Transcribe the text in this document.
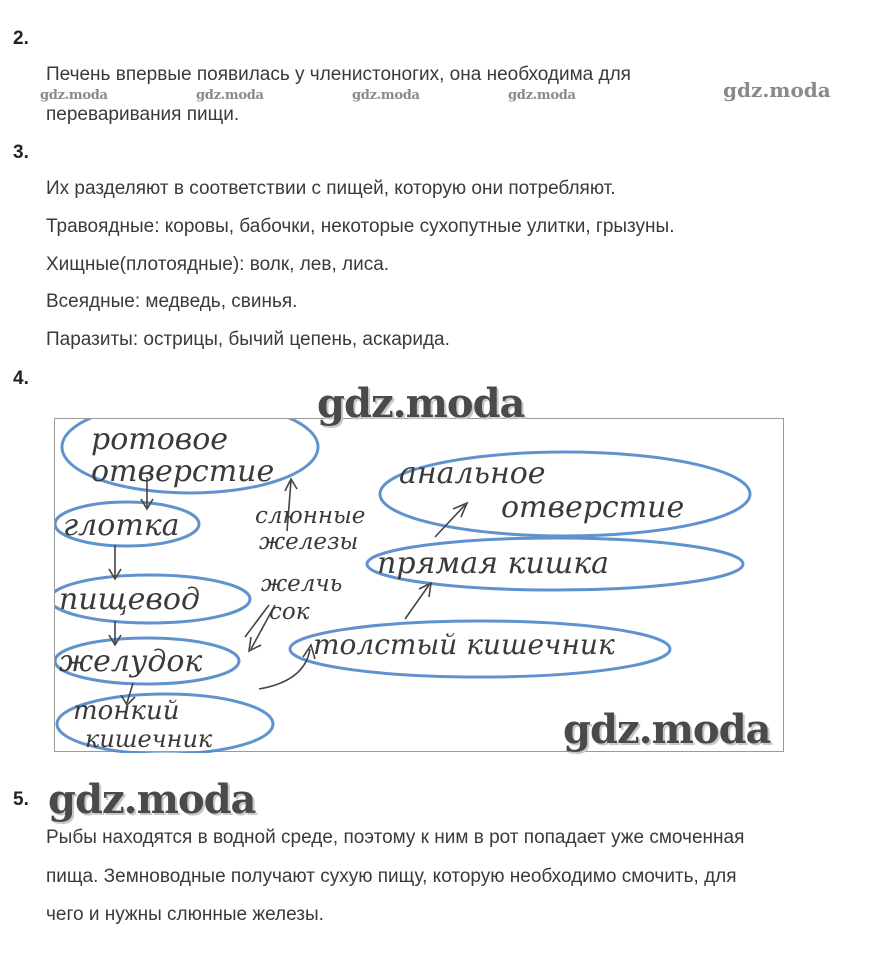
2.
Печень впервые появилась у членистоногих, она необходима для
переваривания пищи.
gdz.moda	gdz.moda	gdz.moda	gdz.moda	gdz.moda
3.
Их разделяют в соответствии с пищей, которую они потребляют.
Травоядные: коровы, бабочки, некоторые сухопутные улитки, грызуны.
Хищные(плотоядные): волк, лев, лиса.
Всеядные: медведь, свинья.
Паразиты: острицы, бычий цепень, аскарида.
4.
ротовое
отверстие
глотка
пищевод
желудок
тонкий
кишечник
слюнные
железы
желчь
сок
толстый кишечник
прямая кишка
анальное
отверстие
gdz.moda
gdz.moda
5. gdz.moda
Рыбы находятся в водной среде, поэтому к ним в рот попадает уже смоченная
пища. Земноводные получают сухую пищу, которую необходимо смочить, для
чего и нужны слюнные железы.
